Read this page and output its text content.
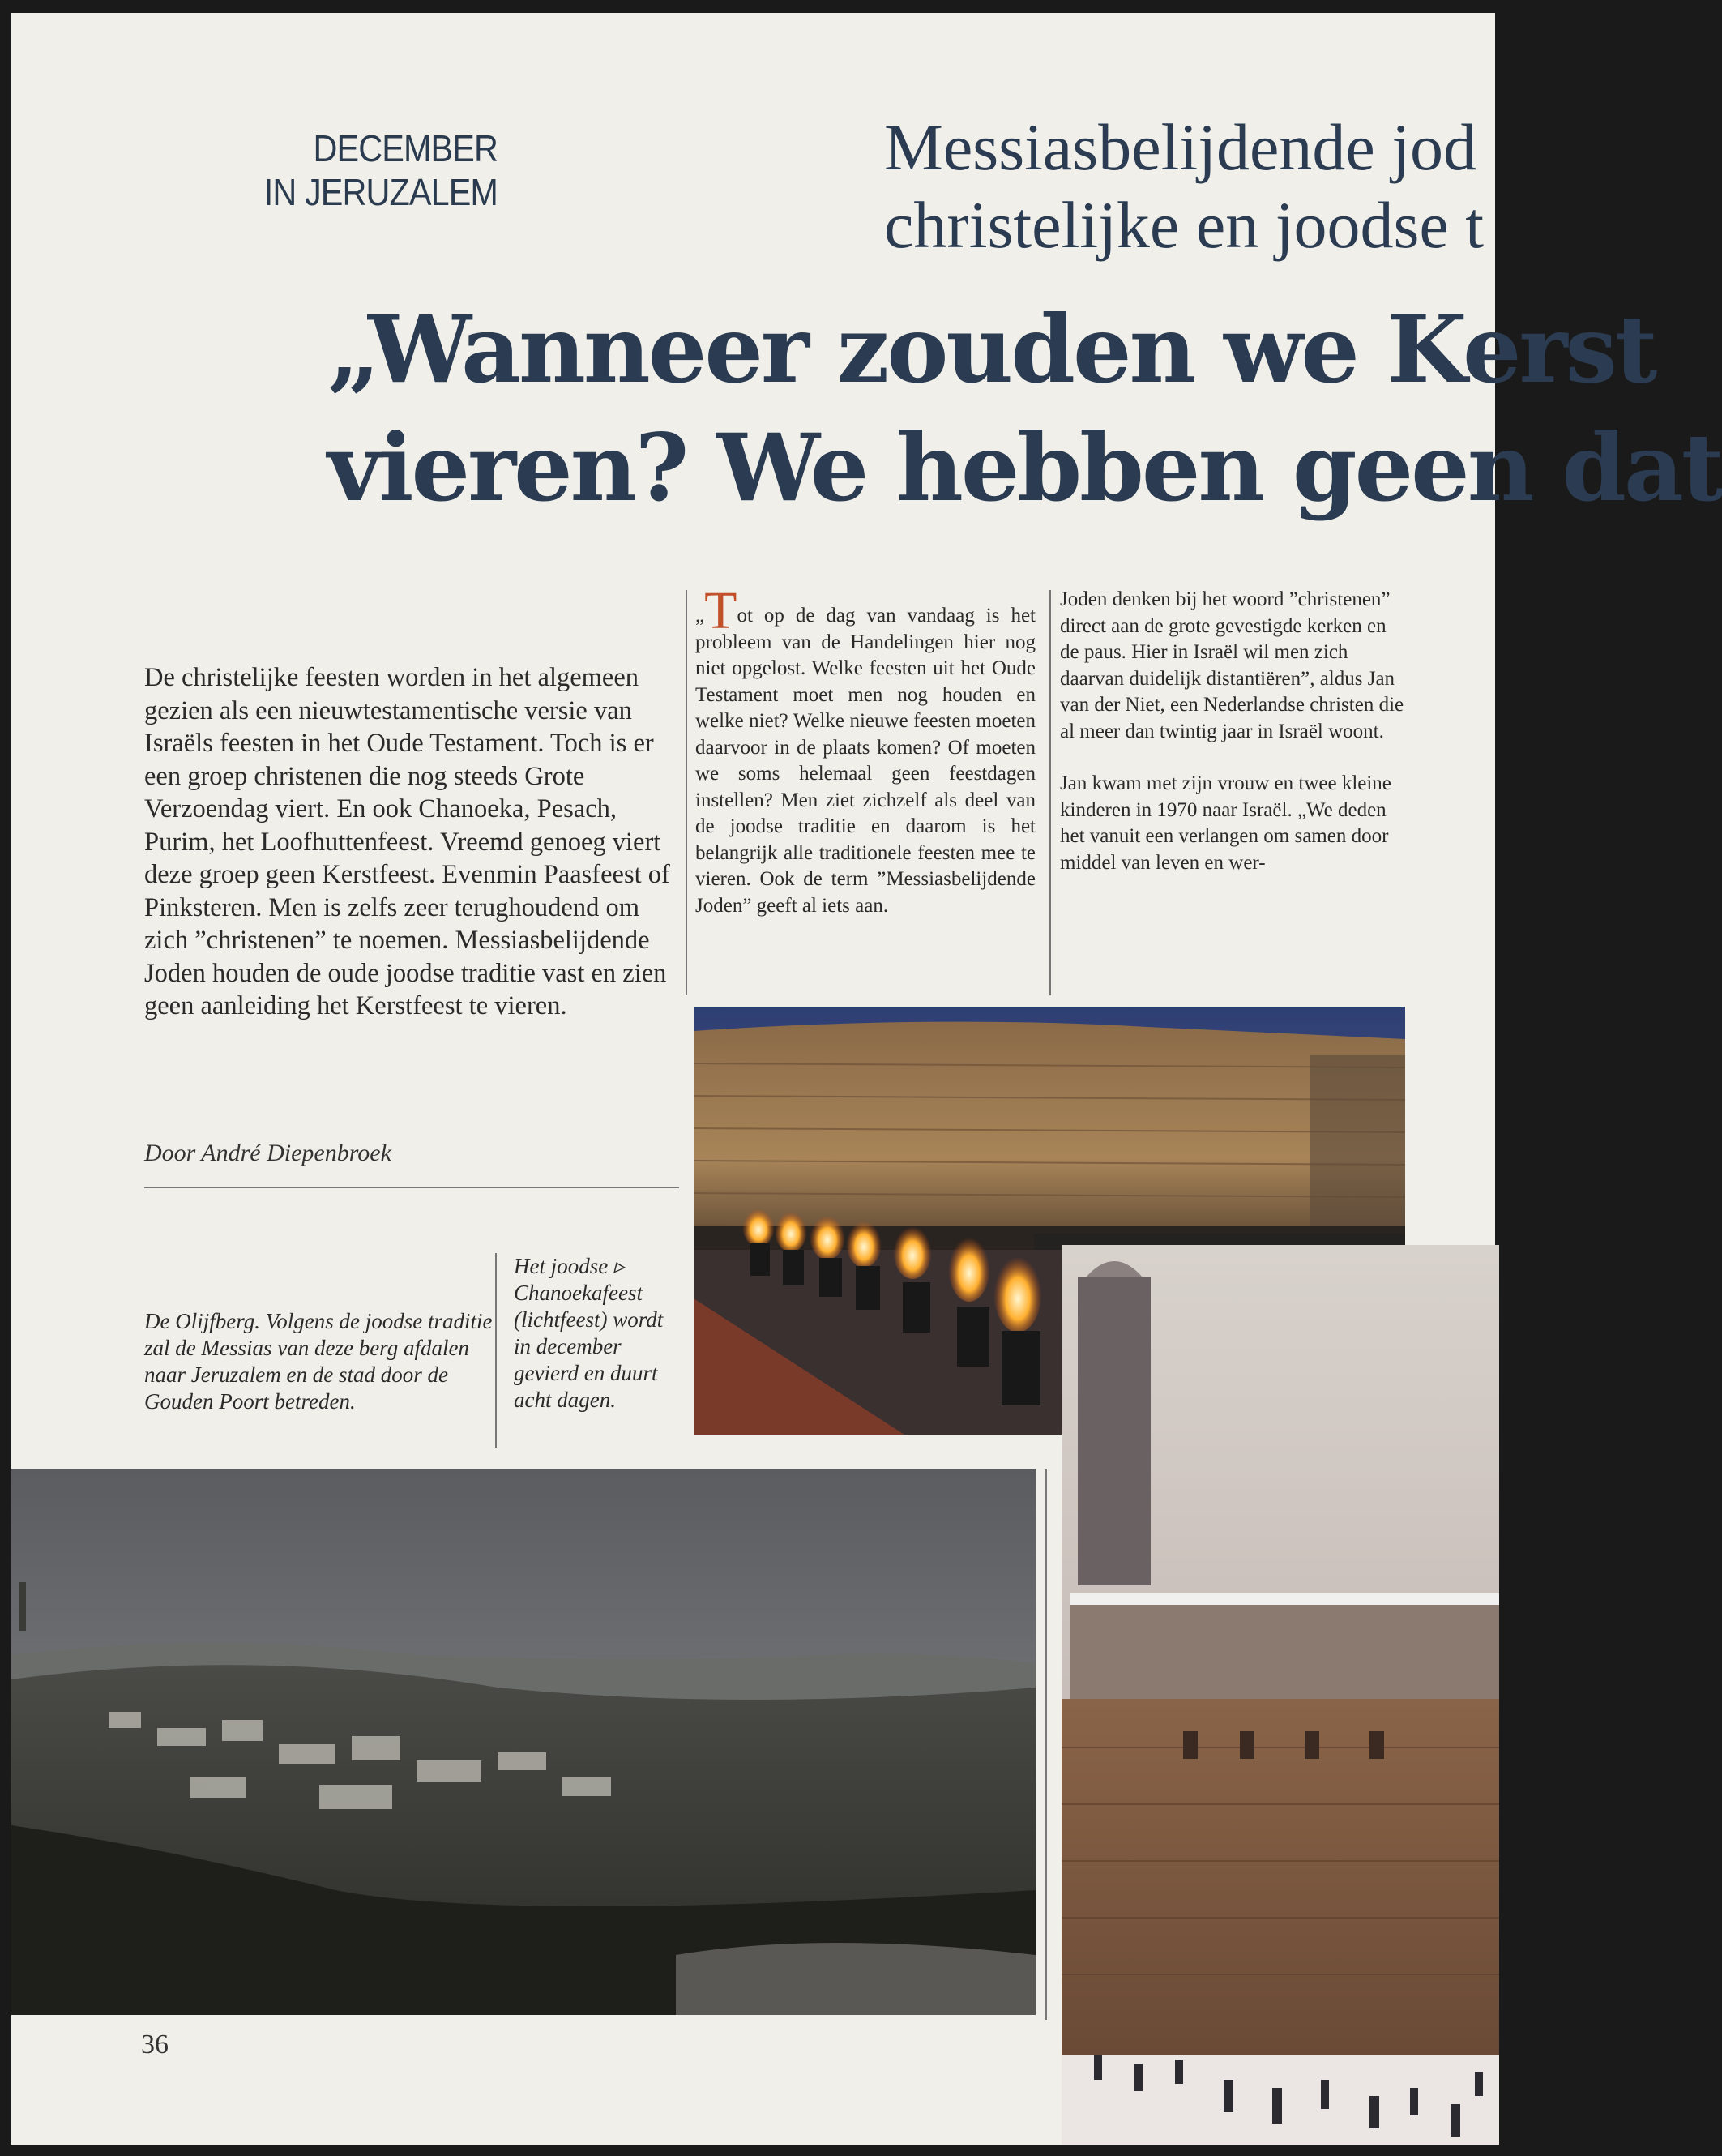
DECEMBER
IN JERUZALEM
Messiasbelijdende jod
christelijke en joodse t
„Wanneer zouden we Kerst
vieren? We hebben geen dat
De christelijke feesten worden in het algemeen gezien als een nieuwtestamentische versie van Israëls feesten in het Oude Testament. Toch is er een groep christenen die nog steeds Grote Verzoendag viert. En ook Chanoeka, Pesach, Purim, het Loofhuttenfeest. Vreemd genoeg viert deze groep geen Kerstfeest. Evenmin Paasfeest of Pinksteren. Men is zelfs zeer terughoudend om zich ”christenen” te noemen. Messiasbelijdende Joden houden de oude joodse traditie vast en zien geen aanleiding het Kerstfeest te vieren.
Door André Diepenbroek

„Tot op de dag van vandaag is het probleem van de Handelingen hier nog niet opgelost. Welke feesten uit het Oude Testament moet men nog houden en welke niet? Welke nieuwe feesten moeten daarvoor in de plaats komen? Of moeten we soms helemaal geen feestdagen instellen? Men ziet zichzelf als deel van de joodse traditie en daarom is het belangrijk alle traditionele feesten mee te vieren. Ook de term ”Messiasbelijdende Joden” geeft al iets aan.

Joden denken bij het woord ”christenen” direct aan de grote gevestigde kerken en de paus. Hier in Israël wil men zich daarvan duidelijk distantiëren”, aldus Jan van der Niet, een Nederlandse christen die al meer dan twintig jaar in Israël woont.

Jan kwam met zijn vrouw en twee kleine kinderen in 1970 naar Israël. „We deden het vanuit een verlangen om samen door middel van leven en wer-

De Olijfberg. Volgens de joodse traditie zal de Messias van deze berg afdalen naar Jeruzalem en de stad door de Gouden Poort betreden.
Het joodse ▹ Chanoekafeest (lichtfeest) wordt in december gevierd en duurt acht dagen.
36
